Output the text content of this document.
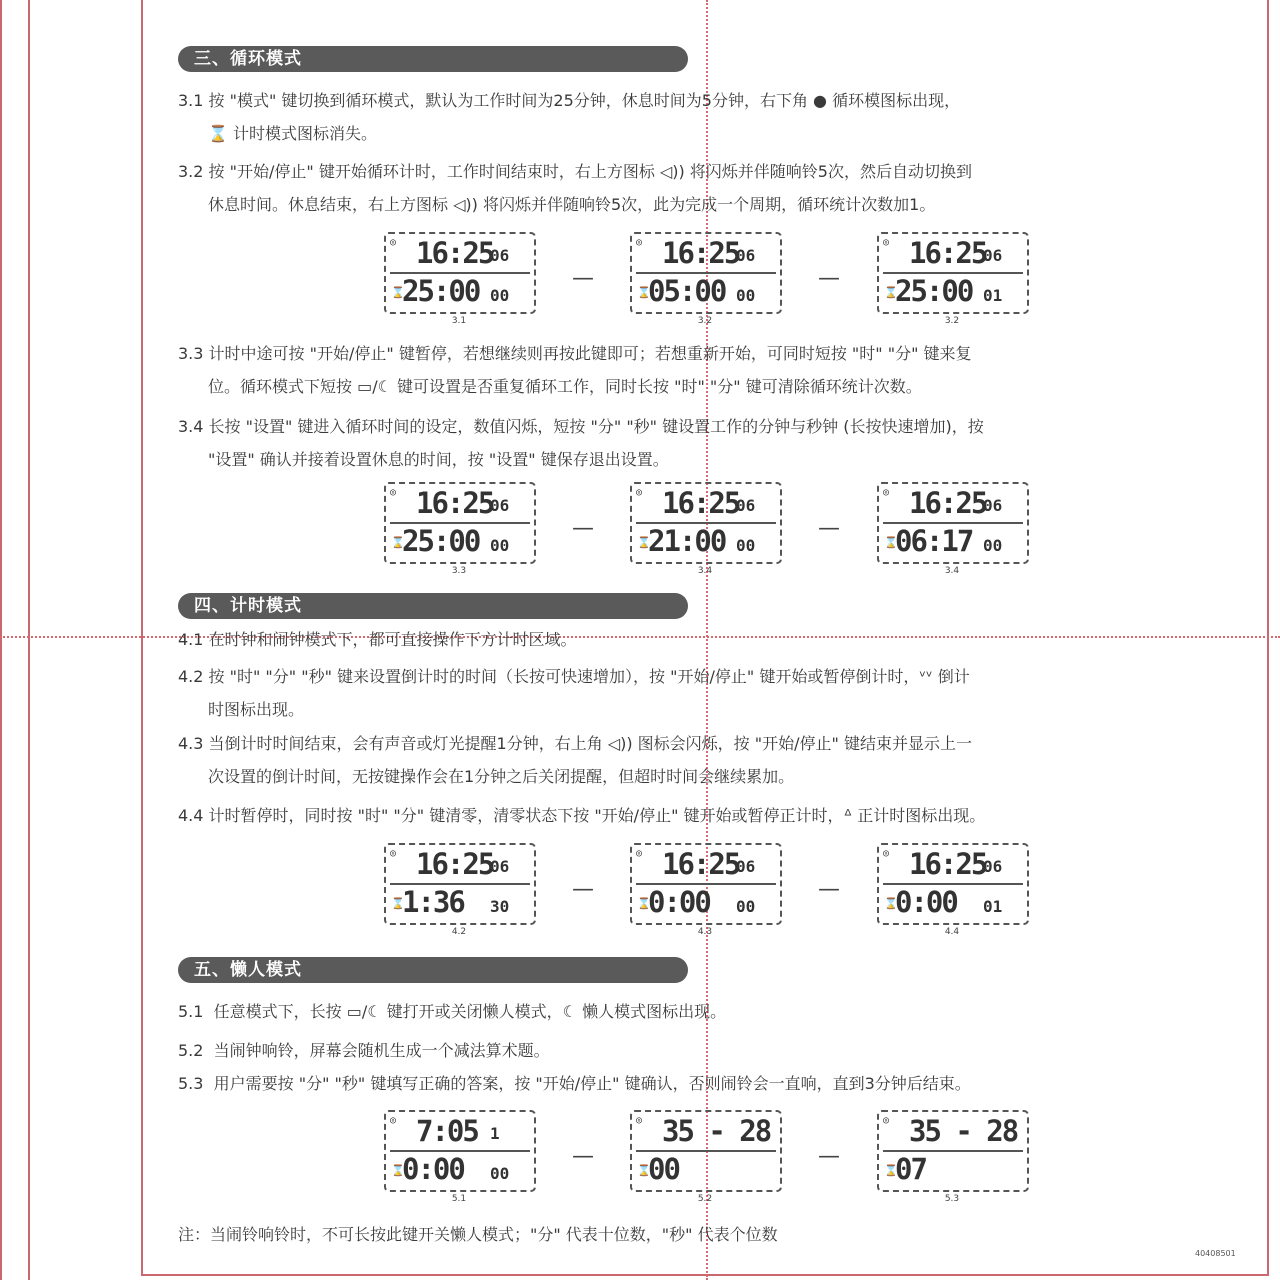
三、循环模式
3.1 按 "模式" 键切换到循环模式，默认为工作时间为25分钟，休息时间为5分钟，右下角 ● 循环模图标出现，
⌛ 计时模式图标消失。
3.2 按 "开始/停止" 键开始循环计时，工作时间结束时，右上方图标 ◁)) 将闪烁并伴随响铃5次，然后自动切换到
休息时间。休息结束，右上方图标 ◁)) 将闪烁并伴随响铃5次，此为完成一个周期，循环统计次数加1。
◎ 16:25
06
⌛
25:00 00
3.1
—
◎ 16:25
06
⌛
05:00 00
3.2
—
◎ 16:25
06
⌛
25:00 01
3.2
3.3 计时中途可按 "开始/停止" 键暂停，若想继续则再按此键即可；若想重新开始，可同时短按 "时" "分" 键来复
位。循环模式下短按 ▭/☾ 键可设置是否重复循环工作，同时长按 "时" "分" 键可清除循环统计次数。
3.4 长按 "设置" 键进入循环时间的设定，数值闪烁，短按 "分" "秒" 键设置工作的分钟与秒钟 (长按快速增加)，按
"设置" 确认并接着设置休息的时间，按 "设置" 键保存退出设置。
◎ 16:25
06
⌛
25:00 00
3.3
—
◎ 16:25
06
⌛
21:00 00
3.4
—
◎ 16:25
06
⌛
06:17 00
3.4
四、计时模式
4.1 在时钟和闹钟模式下，都可直接操作下方计时区域。
4.2 按 "时" "分" "秒" 键来设置倒计时的时间（长按可快速增加），按 "开始/停止" 键开始或暂停倒计时，ᵛᵛ 倒计
时图标出现。
4.3 当倒计时时间结束，会有声音或灯光提醒1分钟，右上角 ◁)) 图标会闪烁，按 "开始/停止" 键结束并显示上一
次设置的倒计时间，无按键操作会在1分钟之后关闭提醒，但超时时间会继续累加。
4.4 计时暂停时，同时按 "时" "分" 键清零，清零状态下按 "开始/停止" 键开始或暂停正计时，ᐞ 正计时图标出现。
◎ 16:25
06
⌛
1:36 30
4.2
—
◎ 16:25
06
⌛
0:00 00
4.3
—
◎ 16:25
06
⌛
0:00 01
4.4
五、懒人模式
5.1  任意模式下，长按 ▭/☾ 键打开或关闭懒人模式，☾ 懒人模式图标出现。
5.2  当闹钟响铃，屏幕会随机生成一个减法算术题。
5.3  用户需要按 "分" "秒" 键填写正确的答案，按 "开始/停止" 键确认，否则闹铃会一直响，直到3分钟后结束。
◎ 7:05 1
⌛
0:00 00
5.1
—
◎ 35 - 28
⌛
00
5.2
—
◎ 35 - 28
⌛
07
5.3
注：当闹铃响铃时，不可长按此键开关懒人模式；"分" 代表十位数，"秒" 代表个位数
40408501
